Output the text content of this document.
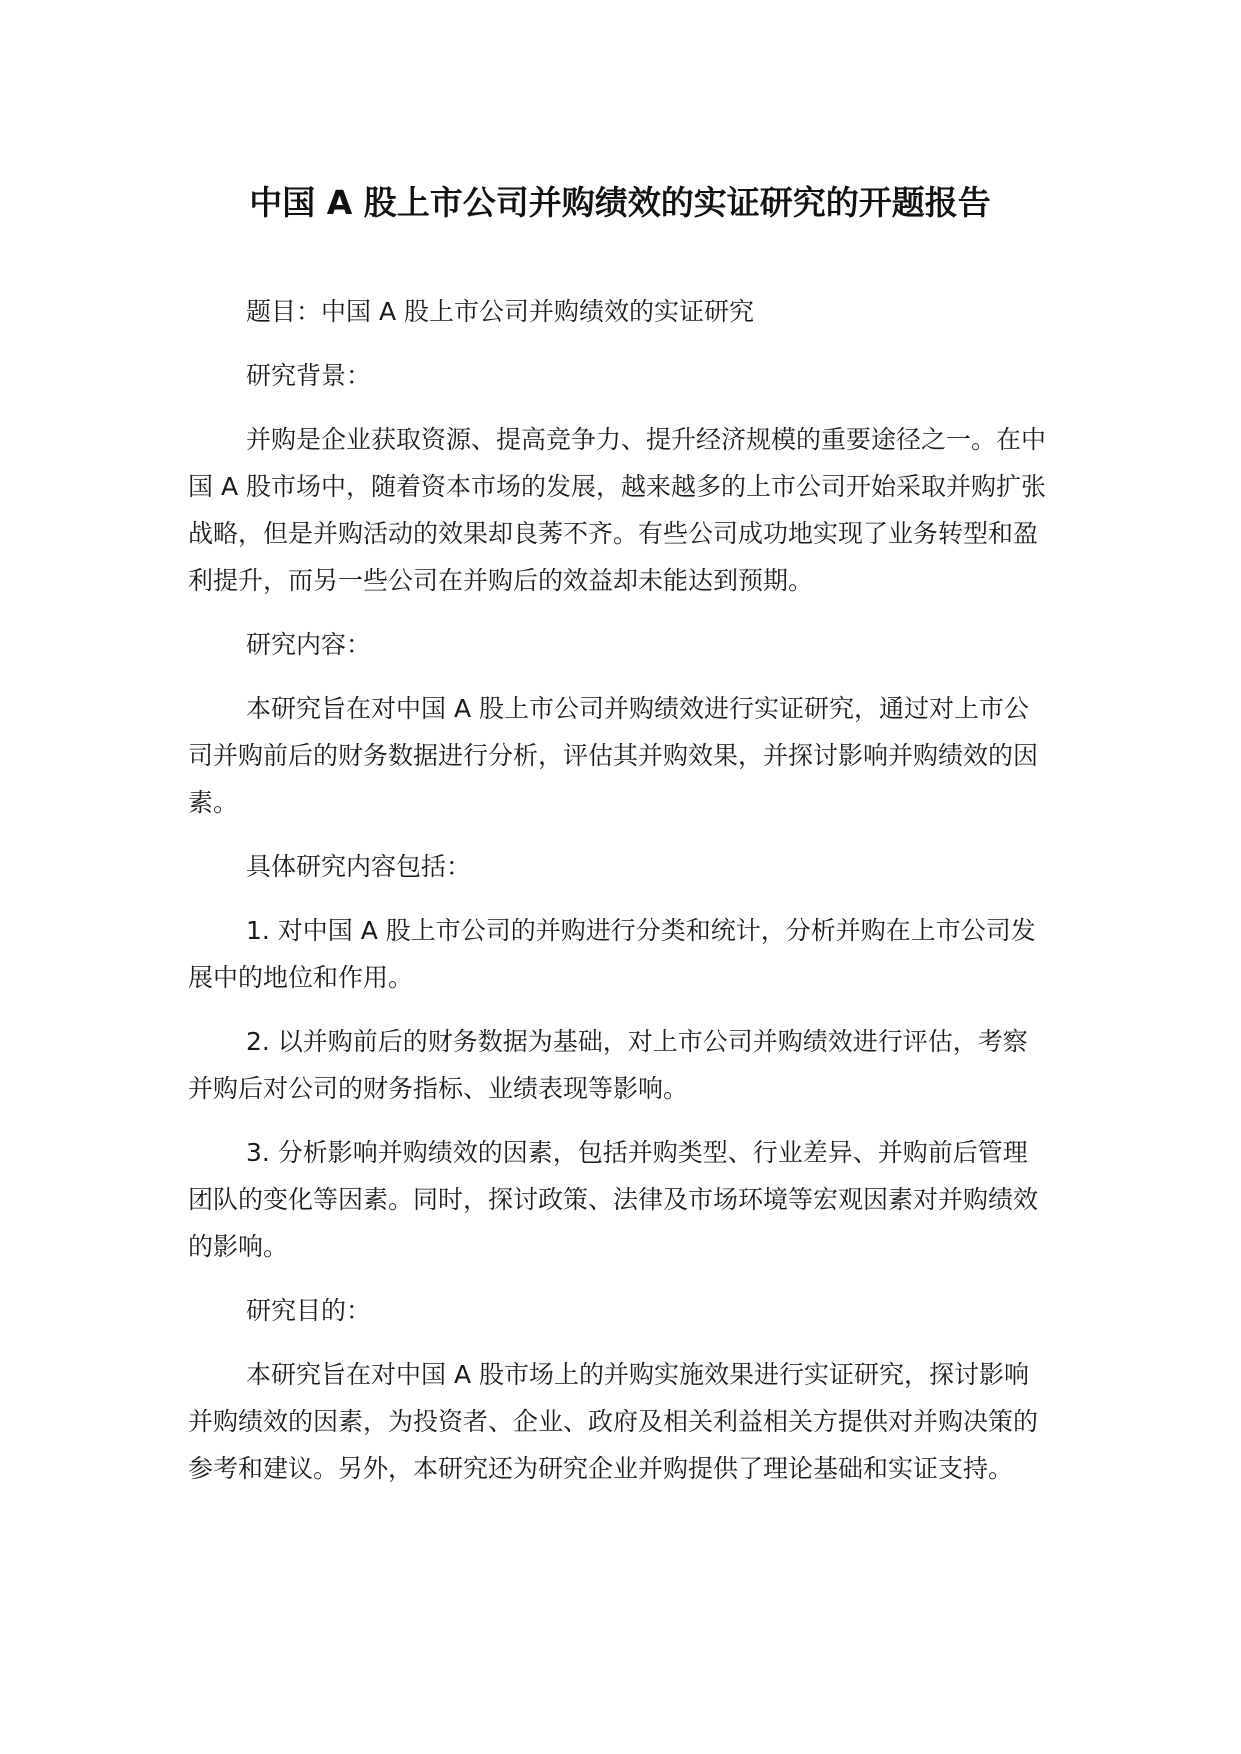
中国 A 股上市公司并购绩效的实证研究的开题报告

题目：中国 A 股上市公司并购绩效的实证研究

研究背景：

并购是企业获取资源、提高竞争力、提升经济规模的重要途径之一。在中国 A 股市场中，随着资本市场的发展，越来越多的上市公司开始采取并购扩张战略，但是并购活动的效果却良莠不齐。有些公司成功地实现了业务转型和盈利提升，而另一些公司在并购后的效益却未能达到预期。

研究内容：

本研究旨在对中国 A 股上市公司并购绩效进行实证研究，通过对上市公司并购前后的财务数据进行分析，评估其并购效果，并探讨影响并购绩效的因素。

具体研究内容包括：

1. 对中国 A 股上市公司的并购进行分类和统计，分析并购在上市公司发展中的地位和作用。

2. 以并购前后的财务数据为基础，对上市公司并购绩效进行评估，考察并购后对公司的财务指标、业绩表现等影响。

3. 分析影响并购绩效的因素，包括并购类型、行业差异、并购前后管理团队的变化等因素。同时，探讨政策、法律及市场环境等宏观因素对并购绩效的影响。

研究目的：

本研究旨在对中国 A 股市场上的并购实施效果进行实证研究，探讨影响并购绩效的因素，为投资者、企业、政府及相关利益相关方提供对并购决策的参考和建议。另外，本研究还为研究企业并购提供了理论基础和实证支持。
